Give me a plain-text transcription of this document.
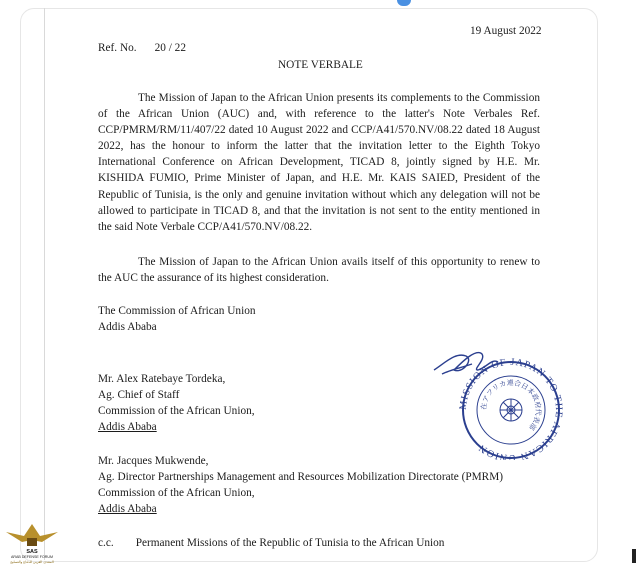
19 August 2022
Ref. No. 20 / 22
NOTE VERBALE
The Mission of Japan to the African Union presents its complements to the Commission of the African Union (AUC) and, with reference to the latter's Note Verbales Ref. CCP/PMRM/RM/11/407/22 dated 10 August 2022 and CCP/A41/570.NV/08.22 dated 18 August 2022, has the honour to inform the latter that the invitation letter to the Eighth Tokyo International Conference on African Development, TICAD 8, jointly signed by H.E. Mr. KISHIDA FUMIO, Prime Minister of Japan, and H.E. Mr. KAIS SAIED, President of the Republic of Tunisia, is the only and genuine invitation without which any delegation will not be allowed to participate in TICAD 8, and that the invitation is not sent to the entity mentioned in the said Note Verbale CCP/A41/570.NV/08.22.
The Mission of Japan to the African Union avails itself of this opportunity to renew to the AUC the assurance of its highest consideration.
The Commission of African Union
Addis Ababa
Mr. Alex Ratebaye Tordeka,
Ag. Chief of Staff
Commission of the African Union,
Addis Ababa
Mr. Jacques Mukwende,
Ag. Director Partnerships Management and Resources Mobilization Directorate (PMRM)
Commission of the African Union,
Addis Ababa
c.c. Permanent Missions of the Republic of Tunisia to the African Union
MISSION OF JAPAN TO THE AFRICAN UNION
在アフリカ連合日本政府代表部
SAS
ARAB DEFENSE FORUM
المنتدى العربي للدفاع والتسليح
